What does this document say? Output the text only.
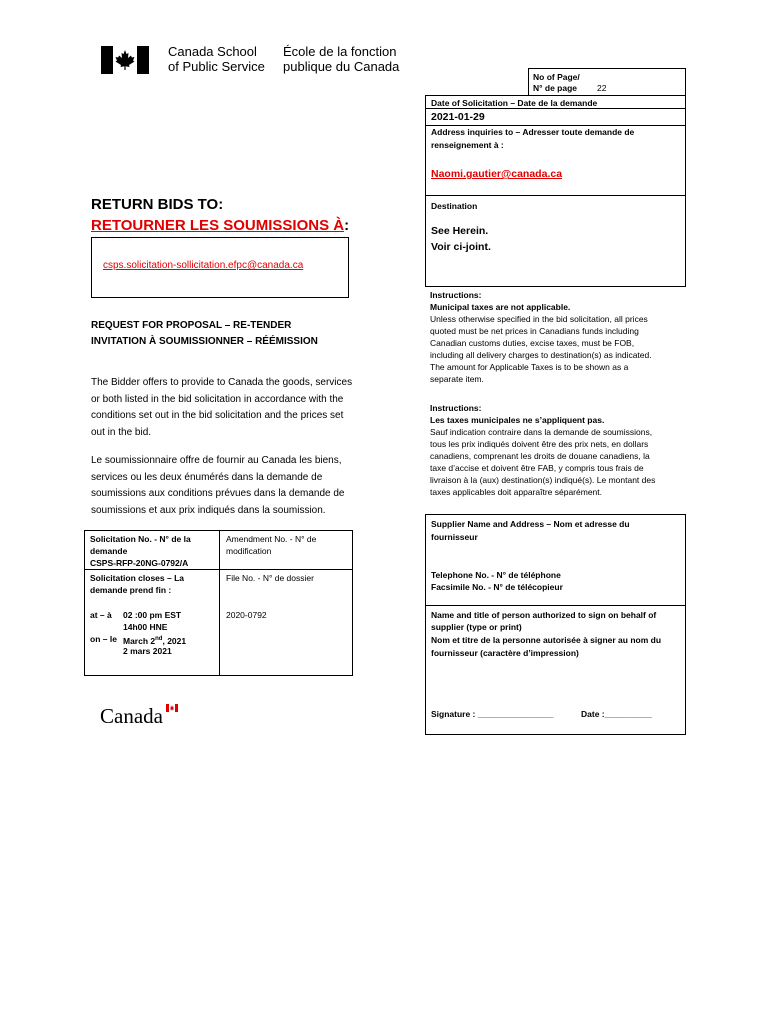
Canada School
of Public Service
École de la fonction
publique du Canada
No of Page/
N° de page 22
Date of Solicitation – Date de la demande
2021-01-29
Address inquiries to – Adresser toute demande de
renseignement à :
Naomi.gautier@canada.ca
Destination
See Herein.
Voir ci-joint.
RETURN BIDS TO:
RETOURNER LES SOUMISSIONS À:
csps.solicitation-sollicitation.efpc@canada.ca
REQUEST FOR PROPOSAL – RE-TENDER
INVITATION À SOUMISSIONNER – RÉÉMISSION
The Bidder offers to provide to Canada the goods, services
or both listed in the bid solicitation in accordance with the
conditions set out in the bid solicitation and the prices set
out in the bid.
Le soumissionnaire offre de fournir au Canada les biens,
services ou les deux énumérés dans la demande de
soumissions aux conditions prévues dans la demande de
soumissions et aux prix indiqués dans la soumission.
Instructions:
Municipal taxes are not applicable.
Unless otherwise specified in the bid solicitation, all prices
quoted must be net prices in Canadians funds including
Canadian customs duties, excise taxes, must be FOB,
including all delivery charges to destination(s) as indicated.
The amount for Applicable Taxes is to be shown as a
separate item.
Instructions:
Les taxes municipales ne s’appliquent pas.
Sauf indication contraire dans la demande de soumissions,
tous les prix indiqués doivent être des prix nets, en dollars
canadiens, comprenant les droits de douane canadiens, la
taxe d’accise et doivent être FAB, y compris tous frais de
livraison à la (aux) destination(s) indiqué(s). Le montant des
taxes applicables doit apparaître séparément.
Solicitation No. - N° de la
demande
CSPS-RFP-20NG-0792/A
Amendment No. - N° de
modification
Solicitation closes – La
demande prend fin :
File No. - N° de dossier
at – à 02 :00 pm EST
14h00 HNE
on – le March 2nd, 2021
2 mars 2021
2020-0792
Supplier Name and Address – Nom et adresse du
fournisseur
Telephone No. - N° de téléphone
Facsimile No. - N° de télécopieur
Name and title of person authorized to sign on behalf of
supplier (type or print)
Nom et titre de la personne autorisée à signer au nom du
fournisseur (caractère d’impression)
Signature : ________________	Date :__________
Canada
